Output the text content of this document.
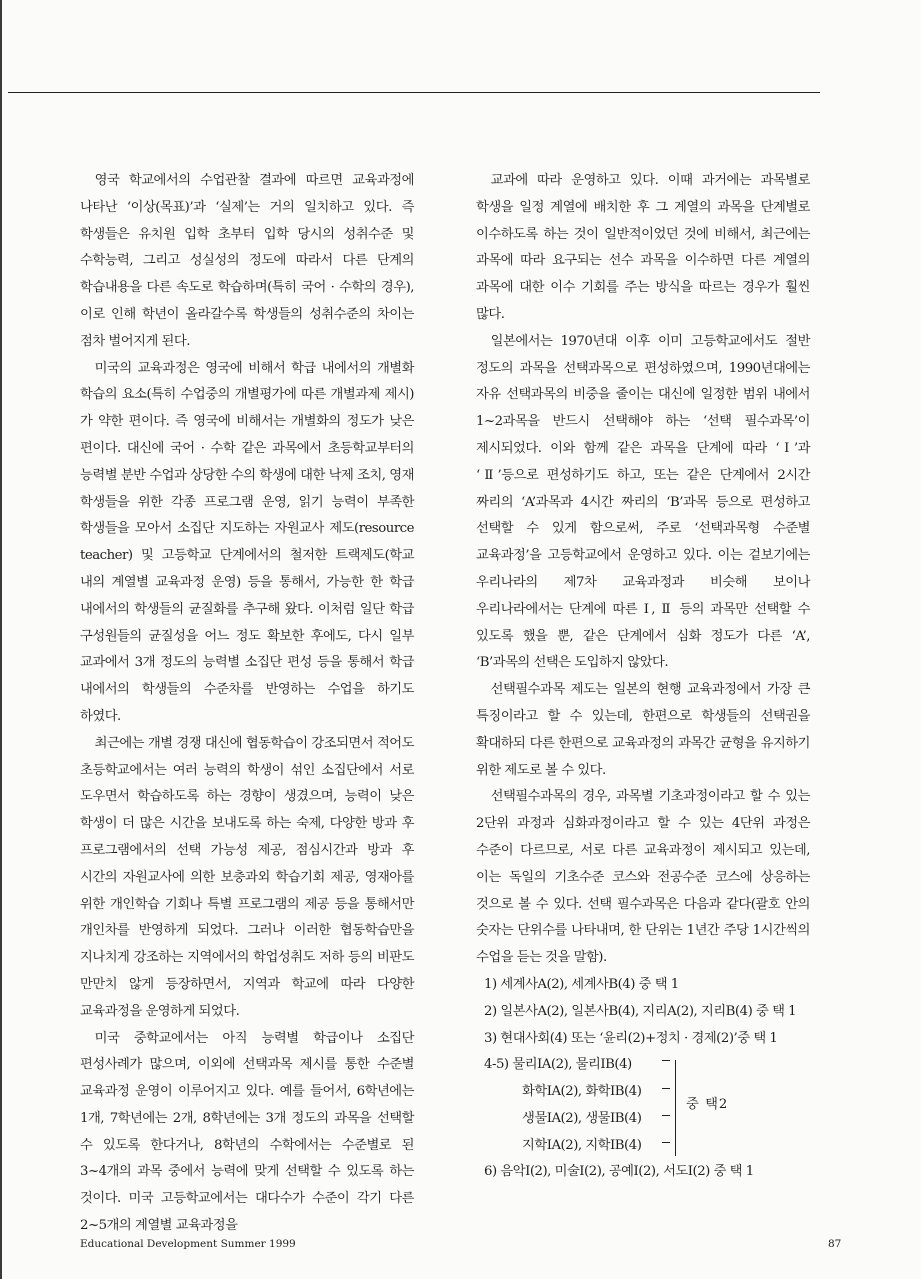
영국 학교에서의 수업관찰 결과에 따르면 교육과정에 나타난 ‘이상(목표)’과 ‘실제’는 거의 일치하고 있다. 즉 학생들은 유치원 입학 초부터 입학 당시의 성취수준 및 수학능력, 그리고 성실성의 정도에 따라서 다른 단계의 학습내용을 다른 속도로 학습하며(특히 국어 · 수학의 경우), 이로 인해 학년이 올라갈수록 학생들의 성취수준의 차이는 점차 벌어지게 된다.

미국의 교육과정은 영국에 비해서 학급 내에서의 개별화 학습의 요소(특히 수업중의 개별평가에 따른 개별과제 제시)가 약한 편이다. 즉 영국에 비해서는 개별화의 정도가 낮은 편이다. 대신에 국어 · 수학 같은 과목에서 초등학교부터의 능력별 분반 수업과 상당한 수의 학생에 대한 낙제 조치, 영재 학생들을 위한 각종 프로그램 운영, 읽기 능력이 부족한 학생들을 모아서 소집단 지도하는 자원교사 제도(resource teacher) 및 고등학교 단계에서의 철저한 트랙제도(학교 내의 계열별 교육과정 운영) 등을 통해서, 가능한 한 학급 내에서의 학생들의 균질화를 추구해 왔다. 이처럼 일단 학급 구성원들의 균질성을 어느 정도 확보한 후에도, 다시 일부 교과에서 3개 정도의 능력별 소집단 편성 등을 통해서 학급 내에서의 학생들의 수준차를 반영하는 수업을 하기도 하였다.

최근에는 개별 경쟁 대신에 협동학습이 강조되면서 적어도 초등학교에서는 여러 능력의 학생이 섞인 소집단에서 서로 도우면서 학습하도록 하는 경향이 생겼으며, 능력이 낮은 학생이 더 많은 시간을 보내도록 하는 숙제, 다양한 방과 후 프로그램에서의 선택 가능성 제공, 점심시간과 방과 후 시간의 자원교사에 의한 보충과외 학습기회 제공, 영재아를 위한 개인학습 기회나 특별 프로그램의 제공 등을 통해서만 개인차를 반영하게 되었다. 그러나 이러한 협동학습만을 지나치게 강조하는 지역에서의 학업성취도 저하 등의 비판도 만만치 않게 등장하면서, 지역과 학교에 따라 다양한 교육과정을 운영하게 되었다.

미국 중학교에서는 아직 능력별 학급이나 소집단 편성사례가 많으며, 이외에 선택과목 제시를 통한 수준별 교육과정 운영이 이루어지고 있다. 예를 들어서, 6학년에는 1개, 7학년에는 2개, 8학년에는 3개 정도의 과목을 선택할 수 있도록 한다거나, 8학년의 수학에서는 수준별로 된 3~4개의 과목 중에서 능력에 맞게 선택할 수 있도록 하는 것이다. 미국 고등학교에서는 대다수가 수준이 각기 다른 2~5개의 계열별 교육과정을

교과에 따라 운영하고 있다. 이때 과거에는 과목별로 학생을 일정 계열에 배치한 후 그 계열의 과목을 단계별로 이수하도록 하는 것이 일반적이었던 것에 비해서, 최근에는 과목에 따라 요구되는 선수 과목을 이수하면 다른 계열의 과목에 대한 이수 기회를 주는 방식을 따르는 경우가 훨씬 많다.

일본에서는 1970년대 이후 이미 고등학교에서도 절반 정도의 과목을 선택과목으로 편성하였으며, 1990년대에는 자유 선택과목의 비중을 줄이는 대신에 일정한 범위 내에서 1~2과목을 반드시 선택해야 하는 ‘선택 필수과목’이 제시되었다. 이와 함께 같은 과목을 단계에 따라 ‘Ⅰ’과 ‘Ⅱ’등으로 편성하기도 하고, 또는 같은 단계에서 2시간 짜리의 ‘A’과목과 4시간 짜리의 ‘B’과목 등으로 편성하고 선택할 수 있게 함으로써, 주로 ‘선택과목형 수준별 교육과정’을 고등학교에서 운영하고 있다. 이는 겉보기에는 우리나라의 제7차 교육과정과 비슷해 보이나 우리나라에서는 단계에 따른 Ⅰ, Ⅱ 등의 과목만 선택할 수 있도록 했을 뿐, 같은 단계에서 심화 정도가 다른 ‘A’, ‘B’과목의 선택은 도입하지 않았다.

선택필수과목 제도는 일본의 현행 교육과정에서 가장 큰 특징이라고 할 수 있는데, 한편으로 학생들의 선택권을 확대하되 다른 한편으로 교육과정의 과목간 균형을 유지하기 위한 제도로 볼 수 있다.

선택필수과목의 경우, 과목별 기초과정이라고 할 수 있는 2단위 과정과 심화과정이라고 할 수 있는 4단위 과정은 수준이 다르므로, 서로 다른 교육과정이 제시되고 있는데, 이는 독일의 기초수준 코스와 전공수준 코스에 상응하는 것으로 볼 수 있다. 선택 필수과목은 다음과 같다(괄호 안의 숫자는 단위수를 나타내며, 한 단위는 1년간 주당 1시간씩의 수업을 듣는 것을 말함).

1) 세계사A(2), 세계사B(4) 중 택 1
2) 일본사A(2), 일본사B(4), 지리A(2), 지리B(4) 중 택 1
3) 현대사회(4) 또는 ‘윤리(2)+정치 · 경제(2)’중 택 1
4-5) 물리ⅠA(2), 물리ⅠB(4)
화학ⅠA(2), 화학ⅠB(4)
생물ⅠA(2), 생물ⅠB(4)
지학ⅠA(2), 지학ⅠB(4)
중 택2
6) 음악Ⅰ(2), 미술Ⅰ(2), 공예Ⅰ(2), 서도Ⅰ(2) 중 택 1
Educational Development Summer 1999	87
